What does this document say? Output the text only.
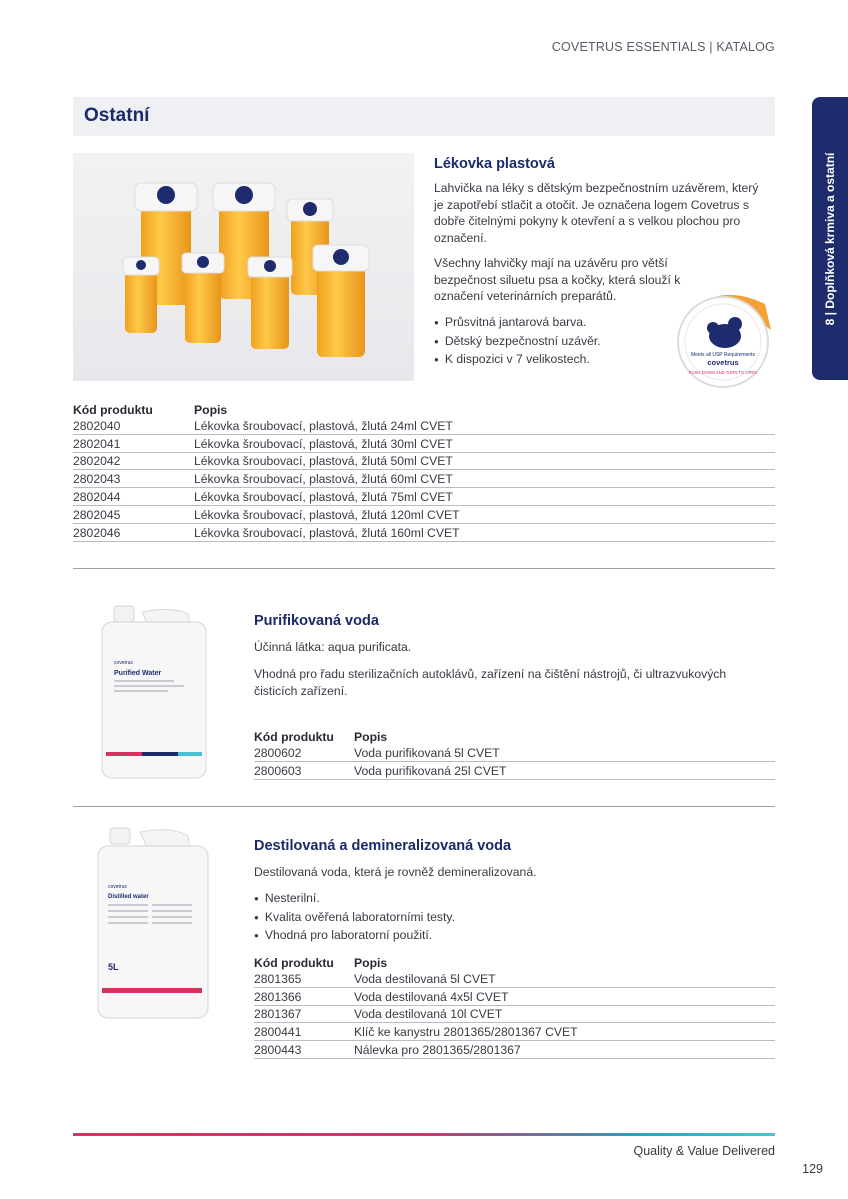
COVETRUS ESSENTIALS | KATALOG
Ostatní
8 | Doplňková krmiva a ostatní
Lékovka plastová
Lahvička na léky s dětským bezpečnostním uzávěrem, který je zapotřebí stlačit a otočit. Je označena logem Covetrus s dobře čitelnými pokyny k otevření a s velkou plochou pro označení.
Všechny lahvičky mají na uzávěru pro větší bezpečnost siluetu psa a kočky, která slouží k označení veterinárních preparátů.
● Průsvitná jantarová barva.
● Dětský bezpečnostní uzávěr.
● K dispozici v 7 velikostech.	Meets all USP Requirements
covetrus
PUSH DOWN AND TURN TO OPEN
Kód produktu	Popis
2802040	Lékovka šroubovací, plastová, žlutá 24ml CVET
2802041	Lékovka šroubovací, plastová, žlutá 30ml CVET
2802042	Lékovka šroubovací, plastová, žlutá 50ml CVET
2802043	Lékovka šroubovací, plastová, žlutá 60ml CVET
2802044	Lékovka šroubovací, plastová, žlutá 75ml CVET
2802045	Lékovka šroubovací, plastová, žlutá 120ml CVET
2802046	Lékovka šroubovací, plastová, žlutá 160ml CVET
covetrus
Purified Water
Purifikovaná voda
Účinná látka: aqua purificata.
Vhodná pro řadu sterilizačních autoklávů, zařízení na čištění nástrojů, či ultrazvukových čisticích zařízení.
Kód produktu	Popis
2800602	Voda purifikovaná 5l CVET
2800603	Voda purifikovaná 25l CVET
covetrus
Distilled water
5L
Destilovaná a demineralizovaná voda
Destilovaná voda, která je rovněž demineralizovaná.
● Nesterilní.
● Kvalita ověřená laboratorními testy.
● Vhodná pro laboratorní použití.
Kód produktu	Popis
2801365	Voda destilovaná 5l CVET
2801366	Voda destilovaná 4x5l CVET
2801367	Voda destilovaná 10l CVET
2800441	Klíč ke kanystru 2801365/2801367 CVET
2800443	Nálevka pro 2801365/2801367
Quality & Value Delivered
129
